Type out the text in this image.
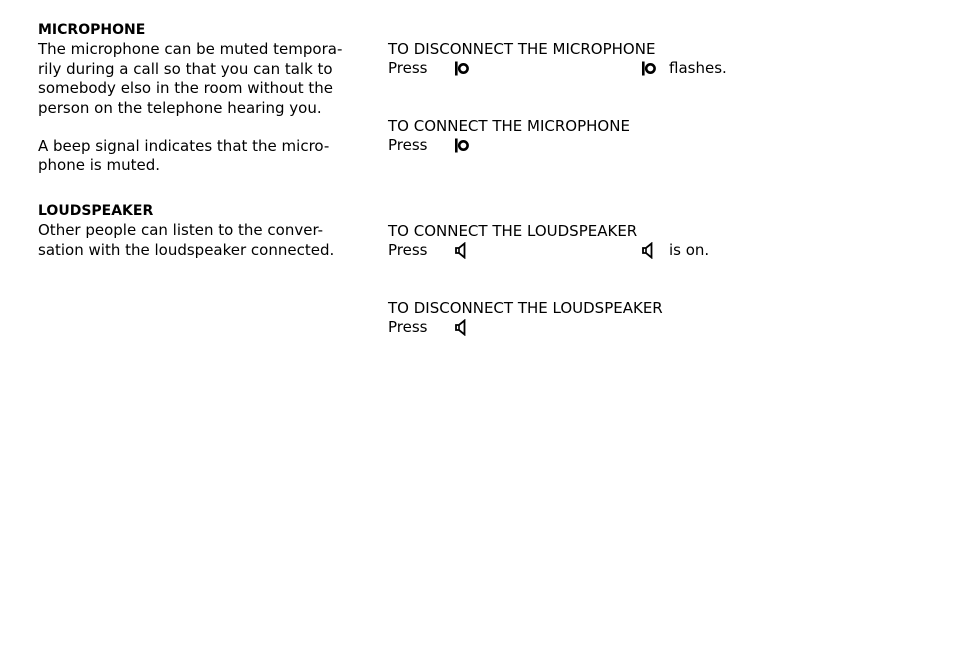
MICROPHONE
The microphone can be muted tempora-
rily during a call so that you can talk to
somebody elso in the room without the
person on the telephone hearing you.
A beep signal indicates that the micro-
phone is muted.
LOUDSPEAKER
Other people can listen to the conver-
sation with the loudspeaker connected.
TO DISCONNECT THE MICROPHONE
Press	flashes.
TO CONNECT THE MICROPHONE
Press
TO CONNECT THE LOUDSPEAKER
Press	is on.
TO DISCONNECT THE LOUDSPEAKER
Press
